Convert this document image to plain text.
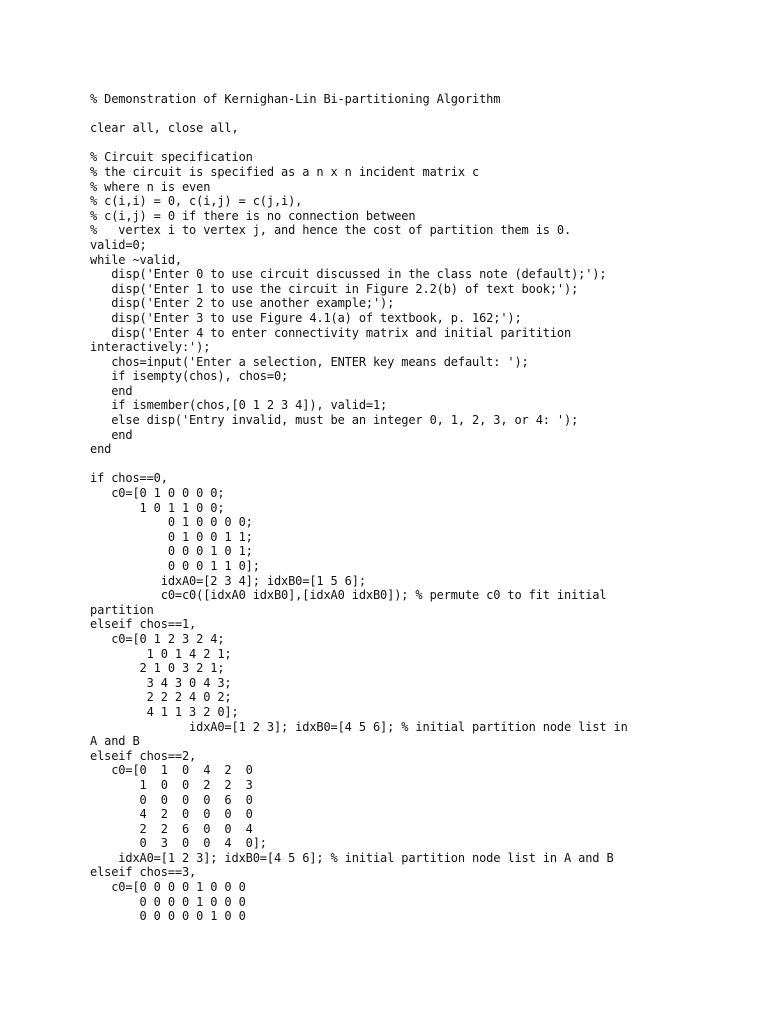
% Demonstration of Kernighan-Lin Bi-partitioning Algorithm
clear all, close all,
% Circuit specification
% the circuit is specified as a n x n incident matrix c
% where n is even
% c(i,i) = 0, c(i,j) = c(j,i),
% c(i,j) = 0 if there is no connection between
%   vertex i to vertex j, and hence the cost of partition them is 0.
valid=0;
while ~valid,
disp('Enter 0 to use circuit discussed in the class note (default);');
disp('Enter 1 to use the circuit in Figure 2.2(b) of text book;');
disp('Enter 2 to use another example;');
disp('Enter 3 to use Figure 4.1(a) of textbook, p. 162;');
disp('Enter 4 to enter connectivity matrix and initial paritition
interactively:');
chos=input('Enter a selection, ENTER key means default: ');
if isempty(chos), chos=0;
end
if ismember(chos,[0 1 2 3 4]), valid=1;
else disp('Entry invalid, must be an integer 0, 1, 2, 3, or 4: ');
end
end
if chos==0,
c0=[0 1 0 0 0 0;
1 0 1 1 0 0;
0 1 0 0 0 0;
0 1 0 0 1 1;
0 0 0 1 0 1;
0 0 0 1 1 0];
idxA0=[2 3 4]; idxB0=[1 5 6];
c0=c0([idxA0 idxB0],[idxA0 idxB0]); % permute c0 to fit initial
partition
elseif chos==1,
c0=[0 1 2 3 2 4;
1 0 1 4 2 1;
2 1 0 3 2 1;
3 4 3 0 4 3;
2 2 2 4 0 2;
4 1 1 3 2 0];
idxA0=[1 2 3]; idxB0=[4 5 6]; % initial partition node list in
A and B
elseif chos==2,
c0=[0  1  0  4  2  0
1  0  0  2  2  3
0  0  0  0  6  0
4  2  0  0  0  0
2  2  6  0  0  4
0  3  0  0  4  0];
idxA0=[1 2 3]; idxB0=[4 5 6]; % initial partition node list in A and B
elseif chos==3,
c0=[0 0 0 0 1 0 0 0
0 0 0 0 1 0 0 0
0 0 0 0 0 1 0 0
